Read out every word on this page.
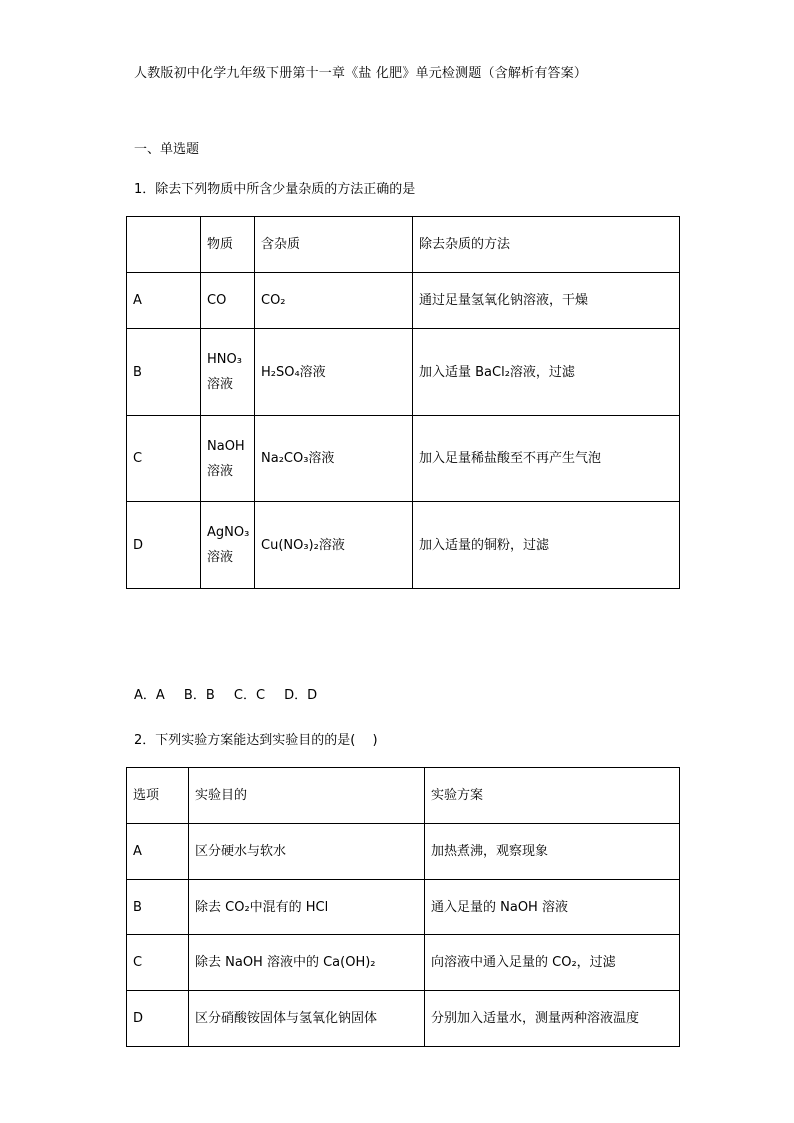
人教版初中化学九年级下册第十一章《盐 化肥》单元检测题（含解析有答案）
一、单选题
1．除去下列物质中所含少量杂质的方法正确的是
	物质	含杂质	除去杂质的方法
A	CO	CO₂	通过足量氢氧化钠溶液，干燥
B	HNO₃溶液	H₂SO₄溶液	加入适量 BaCl₂溶液，过滤
C	NaOH溶液	Na₂CO₃溶液	加入足量稀盐酸至不再产生气泡
D	AgNO₃溶液	Cu(NO₃)₂溶液	加入适量的铜粉，过滤
A．A　 B．B　 C．C　 D．D
2．下列实验方案能达到实验目的的是(　 )
选项	实验目的	实验方案
A	区分硬水与软水	加热煮沸，观察现象
B	除去 CO₂中混有的 HCl	通入足量的 NaOH 溶液
C	除去 NaOH 溶液中的 Ca(OH)₂	向溶液中通入足量的 CO₂，过滤
D	区分硝酸铵固体与氢氧化钠固体	分别加入适量水，测量两种溶液温度
